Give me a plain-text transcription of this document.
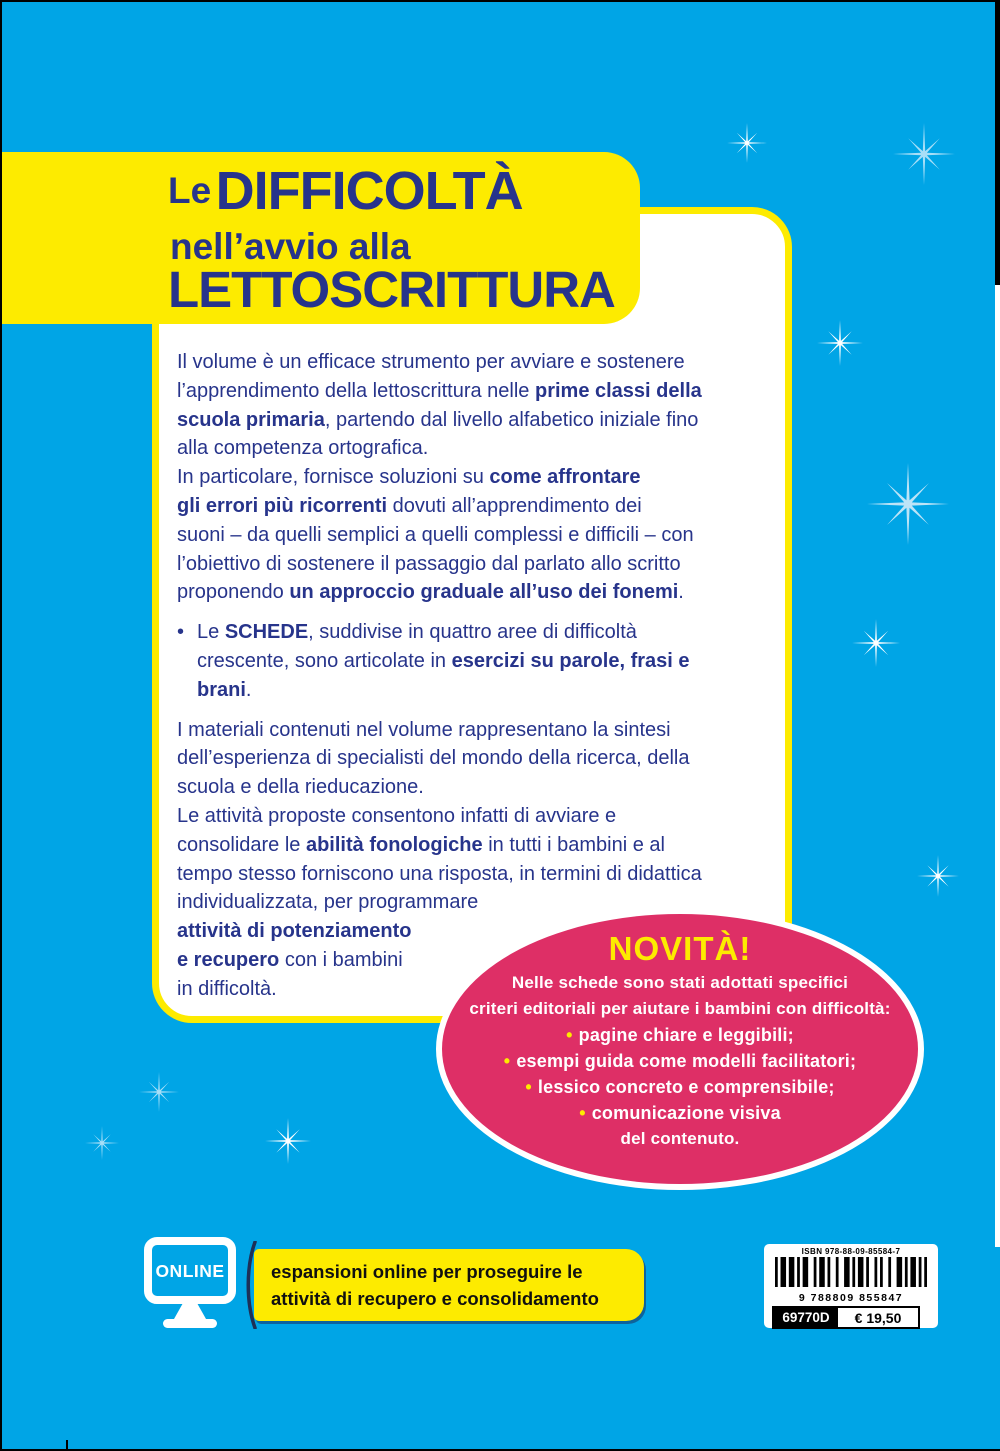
Il volume è un efficace strumento per avviare e sostenere
l’apprendimento della lettoscrittura nelle prime classi della
scuola primaria, partendo dal livello alfabetico iniziale fino
alla competenza ortografica.
In particolare, fornisce soluzioni su come affrontare
gli errori più ricorrenti dovuti all’apprendimento dei
suoni – da quelli semplici a quelli complessi e difficili – con
l’obiettivo di sostenere il passaggio dal parlato allo scritto
proponendo un approccio graduale all’uso dei fonemi.
• Le SCHEDE, suddivise in quattro aree di difficoltà
crescente, sono articolate in esercizi su parole, frasi e
brani.
I materiali contenuti nel volume rappresentano la sintesi
dell’esperienza di specialisti del mondo della ricerca, della
scuola e della rieducazione.
Le attività proposte consentono infatti di avviare e
consolidare le abilità fonologiche in tutti i bambini e al
tempo stesso forniscono una risposta, in termini di didattica
individualizzata, per programmare
attività di potenziamento
e recupero con i bambini
in difficoltà.
Le DIFFICOLTÀ
nell’avvio alla
LETTOSCRITTURA
NOVITÀ!
Nelle schede sono stati adottati specifici
criteri editoriali per aiutare i bambini con difficoltà:
• pagine chiare e leggibili;
• esempi guida come modelli facilitatori;
• lessico concreto e comprensibile;
• comunicazione visiva
del contenuto.
ONLINE	espansioni online per proseguire le
attività di recupero e consolidamento
ISBN 978-88-09-85584-7
9 788809 855847
69770D	€ 19,50
